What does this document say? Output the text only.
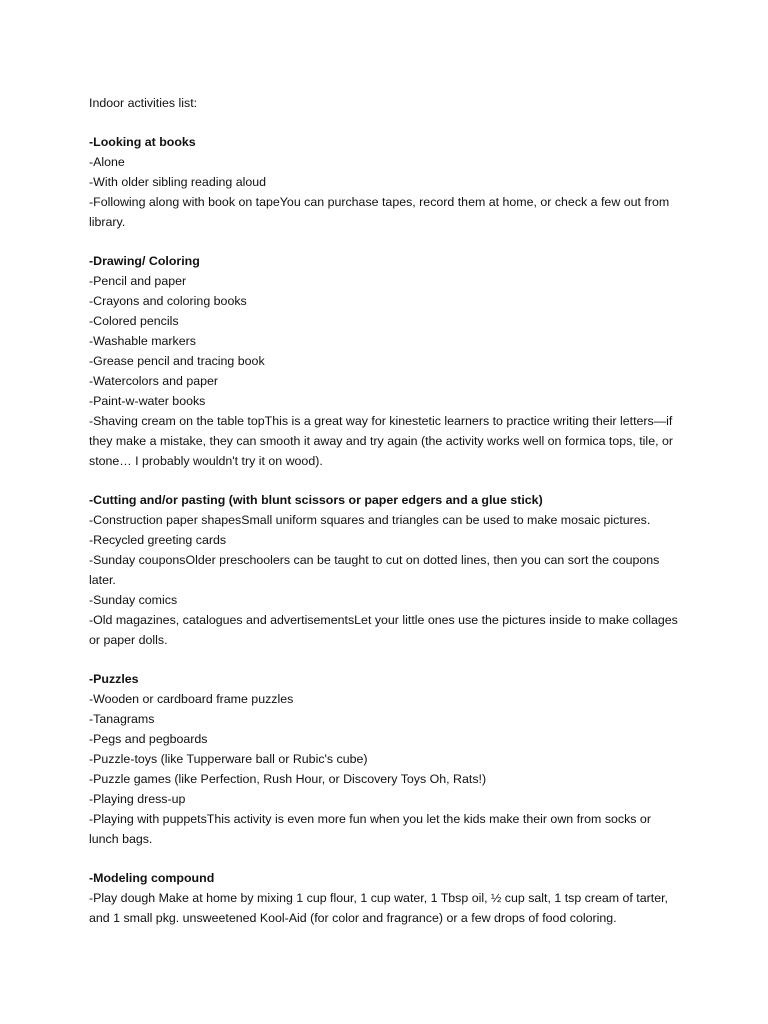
Indoor activities list:
-Looking at books
-Alone
-With older sibling reading aloud
-Following along with book on tapeYou can purchase tapes, record them at home, or check a few out from library.
-Drawing/ Coloring
-Pencil and paper
-Crayons and coloring books
-Colored pencils
-Washable markers
-Grease pencil and tracing book
-Watercolors and paper
-Paint-w-water books
-Shaving cream on the table topThis is a great way for kinestetic learners to practice writing their letters—if they make a mistake, they can smooth it away and try again (the activity works well on formica tops, tile, or stone… I probably wouldn't try it on wood).
-Cutting and/or pasting (with blunt scissors or paper edgers and a glue stick)
-Construction paper shapesSmall uniform squares and triangles can be used to make mosaic pictures.
-Recycled greeting cards
-Sunday couponsOlder preschoolers can be taught to cut on dotted lines, then you can sort the coupons later.
-Sunday comics
-Old magazines, catalogues and advertisementsLet your little ones use the pictures inside to make collages or paper dolls.
-Puzzles
-Wooden or cardboard frame puzzles
-Tanagrams
-Pegs and pegboards
-Puzzle-toys (like Tupperware ball or Rubic's cube)
-Puzzle games (like Perfection, Rush Hour, or Discovery Toys Oh, Rats!)
-Playing dress-up
-Playing with puppetsThis activity is even more fun when you let the kids make their own from socks or lunch bags.
-Modeling compound
-Play dough Make at home by mixing 1 cup flour, 1 cup water, 1 Tbsp oil, ½ cup salt, 1 tsp cream of tarter, and 1 small pkg. unsweetened Kool-Aid (for color and fragrance) or a few drops of food coloring.
